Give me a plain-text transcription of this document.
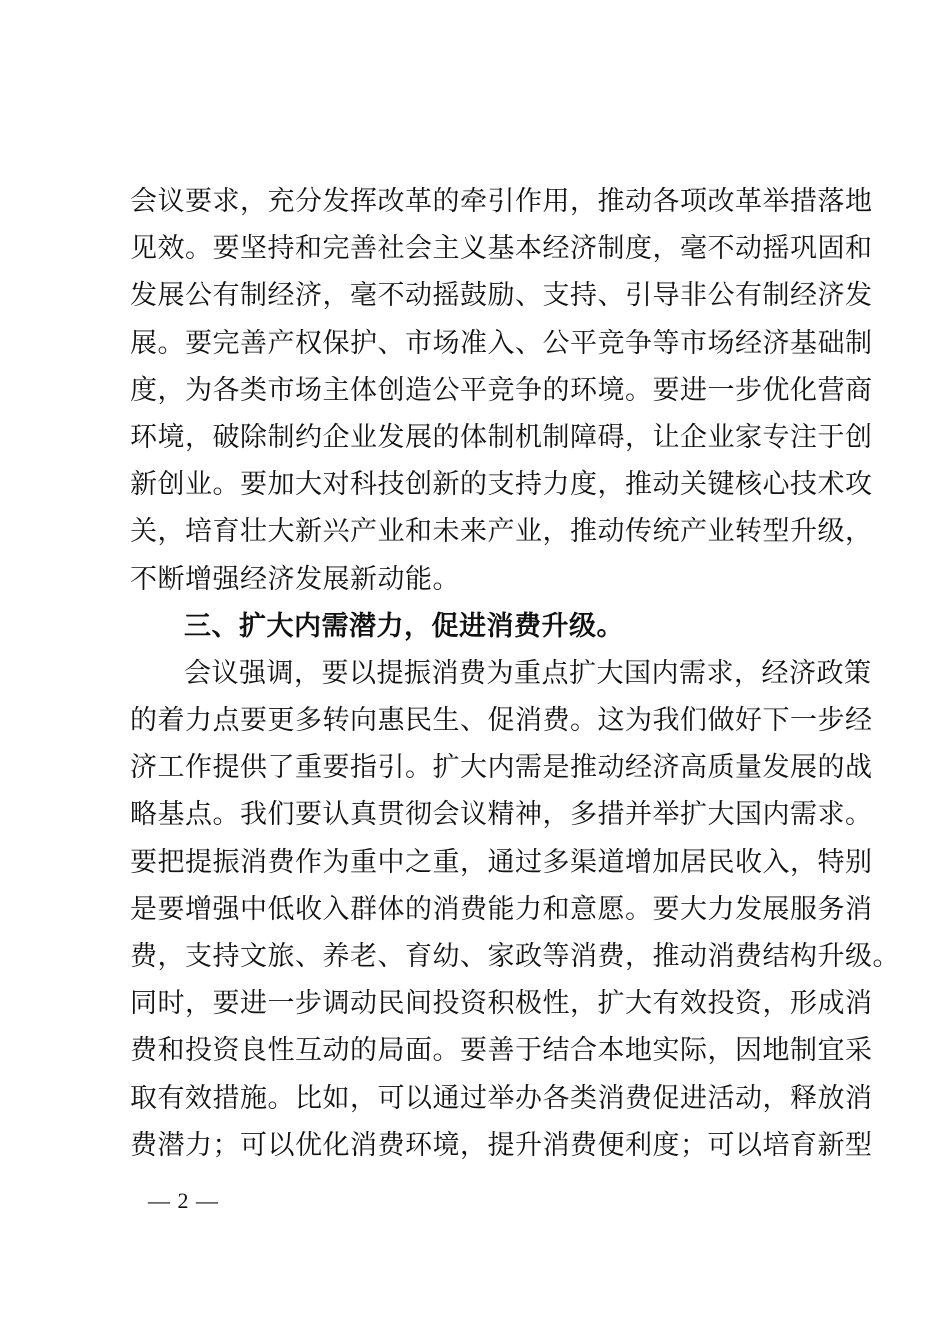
会议要求，充分发挥改革的牵引作用，推动各项改革举措落地
见效。要坚持和完善社会主义基本经济制度，毫不动摇巩固和
发展公有制经济，毫不动摇鼓励、支持、引导非公有制经济发
展。要完善产权保护、市场准入、公平竞争等市场经济基础制
度，为各类市场主体创造公平竞争的环境。要进一步优化营商
环境，破除制约企业发展的体制机制障碍，让企业家专注于创
新创业。要加大对科技创新的支持力度，推动关键核心技术攻
关，培育壮大新兴产业和未来产业，推动传统产业转型升级，
不断增强经济发展新动能。
三、扩大内需潜力，促进消费升级。
会议强调，要以提振消费为重点扩大国内需求，经济政策
的着力点要更多转向惠民生、促消费。这为我们做好下一步经
济工作提供了重要指引。扩大内需是推动经济高质量发展的战
略基点。我们要认真贯彻会议精神，多措并举扩大国内需求。
要把提振消费作为重中之重，通过多渠道增加居民收入，特别
是要增强中低收入群体的消费能力和意愿。要大力发展服务消
费，支持文旅、养老、育幼、家政等消费，推动消费结构升级。
同时，要进一步调动民间投资积极性，扩大有效投资，形成消
费和投资良性互动的局面。要善于结合本地实际，因地制宜采
取有效措施。比如，可以通过举办各类消费促进活动，释放消
费潜力；可以优化消费环境，提升消费便利度；可以培育新型
— 2 —
